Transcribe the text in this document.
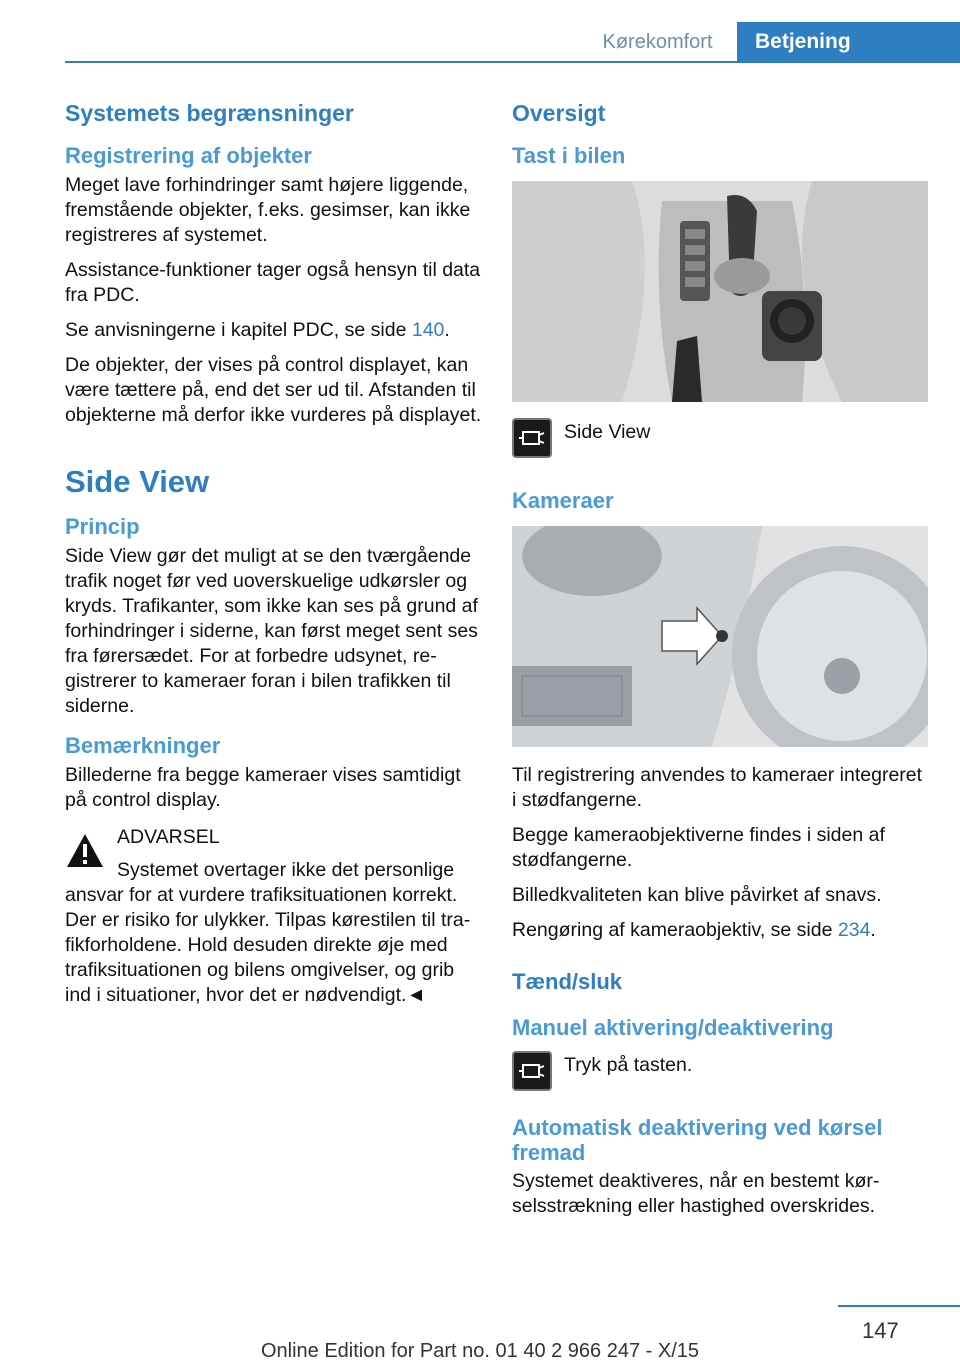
Kørekomfort	Betjening
Systemets begrænsninger
Registrering af objekter

Meget lave forhindringer samt højere liggende, fremstående objekter, f.eks. gesimser, kan ikke registreres af systemet.

Assistance-funktioner tager også hensyn til data fra PDC.

Se anvisningerne i kapitel PDC, se side 140.

De objekter, der vises på control displayet, kan være tættere på, end det ser ud til. Afstanden til objekterne må derfor ikke vurderes på displayet.

Side View
Princip

Side View gør det muligt at se den tværgående trafik noget før ved uoverskuelige udkørsler og kryds. Trafikanter, som ikke kan ses på grund af forhindringer i siderne, kan først meget sent ses fra førersædet. For at forbedre udsynet, registrerer to kameraer foran i bilen trafikken til siderne.

Bemærkninger

Billederne fra begge kameraer vises samtidigt på control display.

ADVARSEL
Systemet overtager ikke det personlige ansvar for at vurdere trafiksituationen korrekt. Der er risiko for ulykker. Tilpas kørestilen til trafikforholdene. Hold desuden direkte øje med trafiksituationen og bilens omgivelser, og grib ind i situationer, hvor det er nødvendigt.◄
Oversigt
Tast i bilen
Side View
Kameraer

Til registrering anvendes to kameraer integreret i stødfangerne.

Begge kameraobjektiverne findes i siden af stødfangerne.

Billedkvaliteten kan blive påvirket af snavs.

Rengøring af kameraobjektiv, se side 234.

Tænd/sluk
Manuel aktivering/deaktivering
Tryk på tasten.
Automatisk deaktivering ved kørsel fremad

Systemet deaktiveres, når en bestemt kørselsstrækning eller hastighed overskrides.

147
Online Edition for Part no. 01 40 2 966 247 - X/15
